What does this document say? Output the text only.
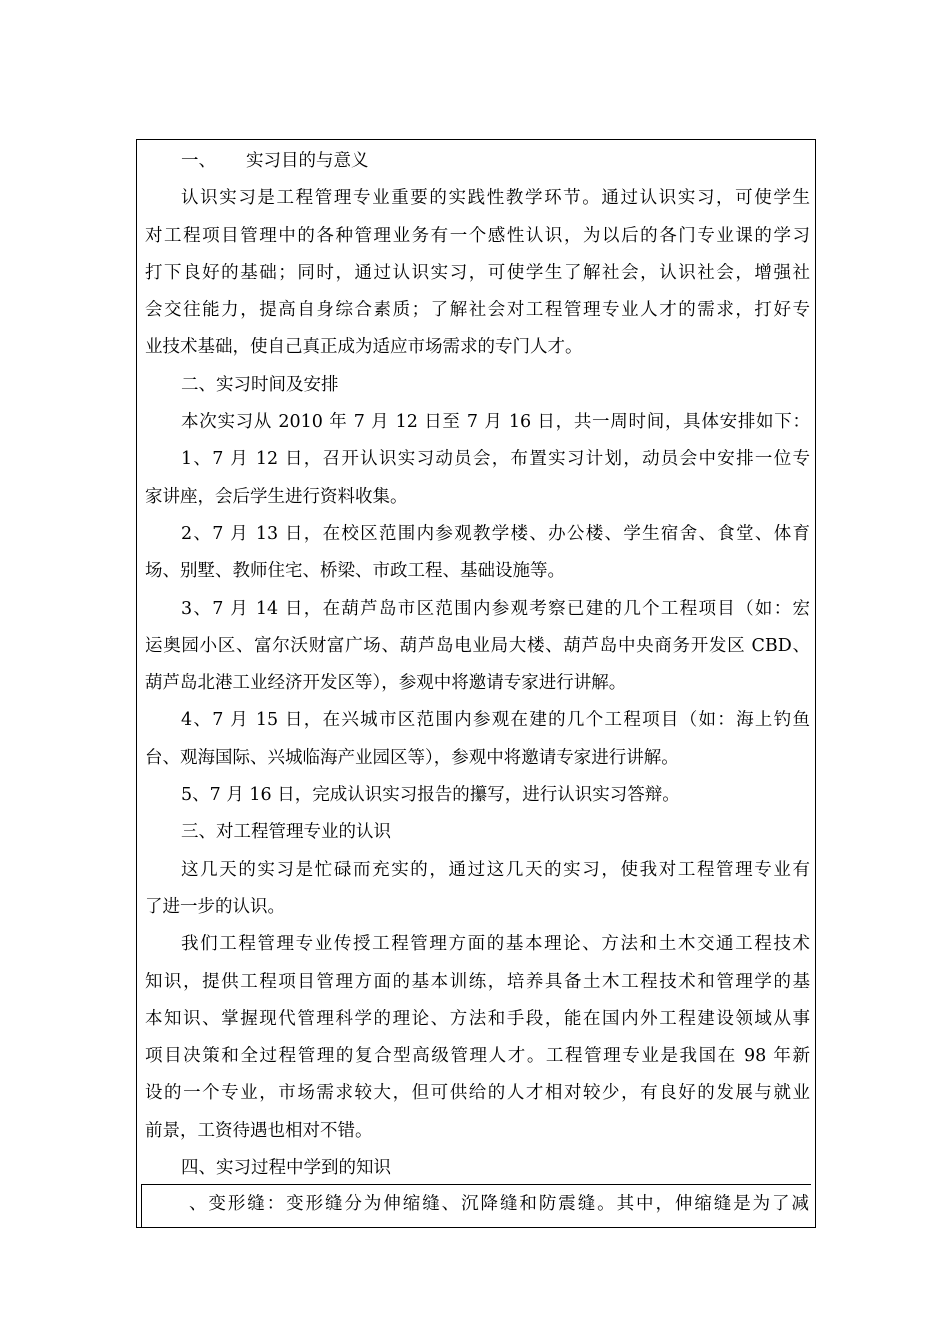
一、 实习目的与意义
认识实习是工程管理专业重要的实践性教学环节。通过认识实习，可使学生
对工程项目管理中的各种管理业务有一个感性认识，为以后的各门专业课的学习
打下良好的基础；同时，通过认识实习，可使学生了解社会，认识社会，增强社
会交往能力，提高自身综合素质；了解社会对工程管理专业人才的需求，打好专
业技术基础，使自己真正成为适应市场需求的专门人才。
二、实习时间及安排
本次实习从 2010 年 7 月 12 日至 7 月 16 日，共一周时间，具体安排如下：
1、7 月 12 日，召开认识实习动员会，布置实习计划，动员会中安排一位专
家讲座，会后学生进行资料收集。
2、7 月 13 日，在校区范围内参观教学楼、办公楼、学生宿舍、食堂、体育
场、别墅、教师住宅、桥梁、市政工程、基础设施等。
3、7 月 14 日，在葫芦岛市区范围内参观考察已建的几个工程项目（如：宏
运奥园小区、富尔沃财富广场、葫芦岛电业局大楼、葫芦岛中央商务开发区 CBD、
葫芦岛北港工业经济开发区等），参观中将邀请专家进行讲解。
4、7 月 15 日，在兴城市区范围内参观在建的几个工程项目（如：海上钓鱼
台、观海国际、兴城临海产业园区等），参观中将邀请专家进行讲解。
5、7 月 16 日，完成认识实习报告的攥写，进行认识实习答辩。
三、对工程管理专业的认识
这几天的实习是忙碌而充实的，通过这几天的实习，使我对工程管理专业有
了进一步的认识。
我们工程管理专业传授工程管理方面的基本理论、方法和土木交通工程技术
知识，提供工程项目管理方面的基本训练，培养具备土木工程技术和管理学的基
本知识、掌握现代管理科学的理论、方法和手段，能在国内外工程建设领域从事
项目决策和全过程管理的复合型高级管理人才。工程管理专业是我国在 98 年新
设的一个专业，市场需求较大，但可供给的人才相对较少，有良好的发展与就业
前景，工资待遇也相对不错。
四、实习过程中学到的知识
、变形缝：变形缝分为伸缩缝、沉降缝和防震缝。其中，伸缩缝是为了减
